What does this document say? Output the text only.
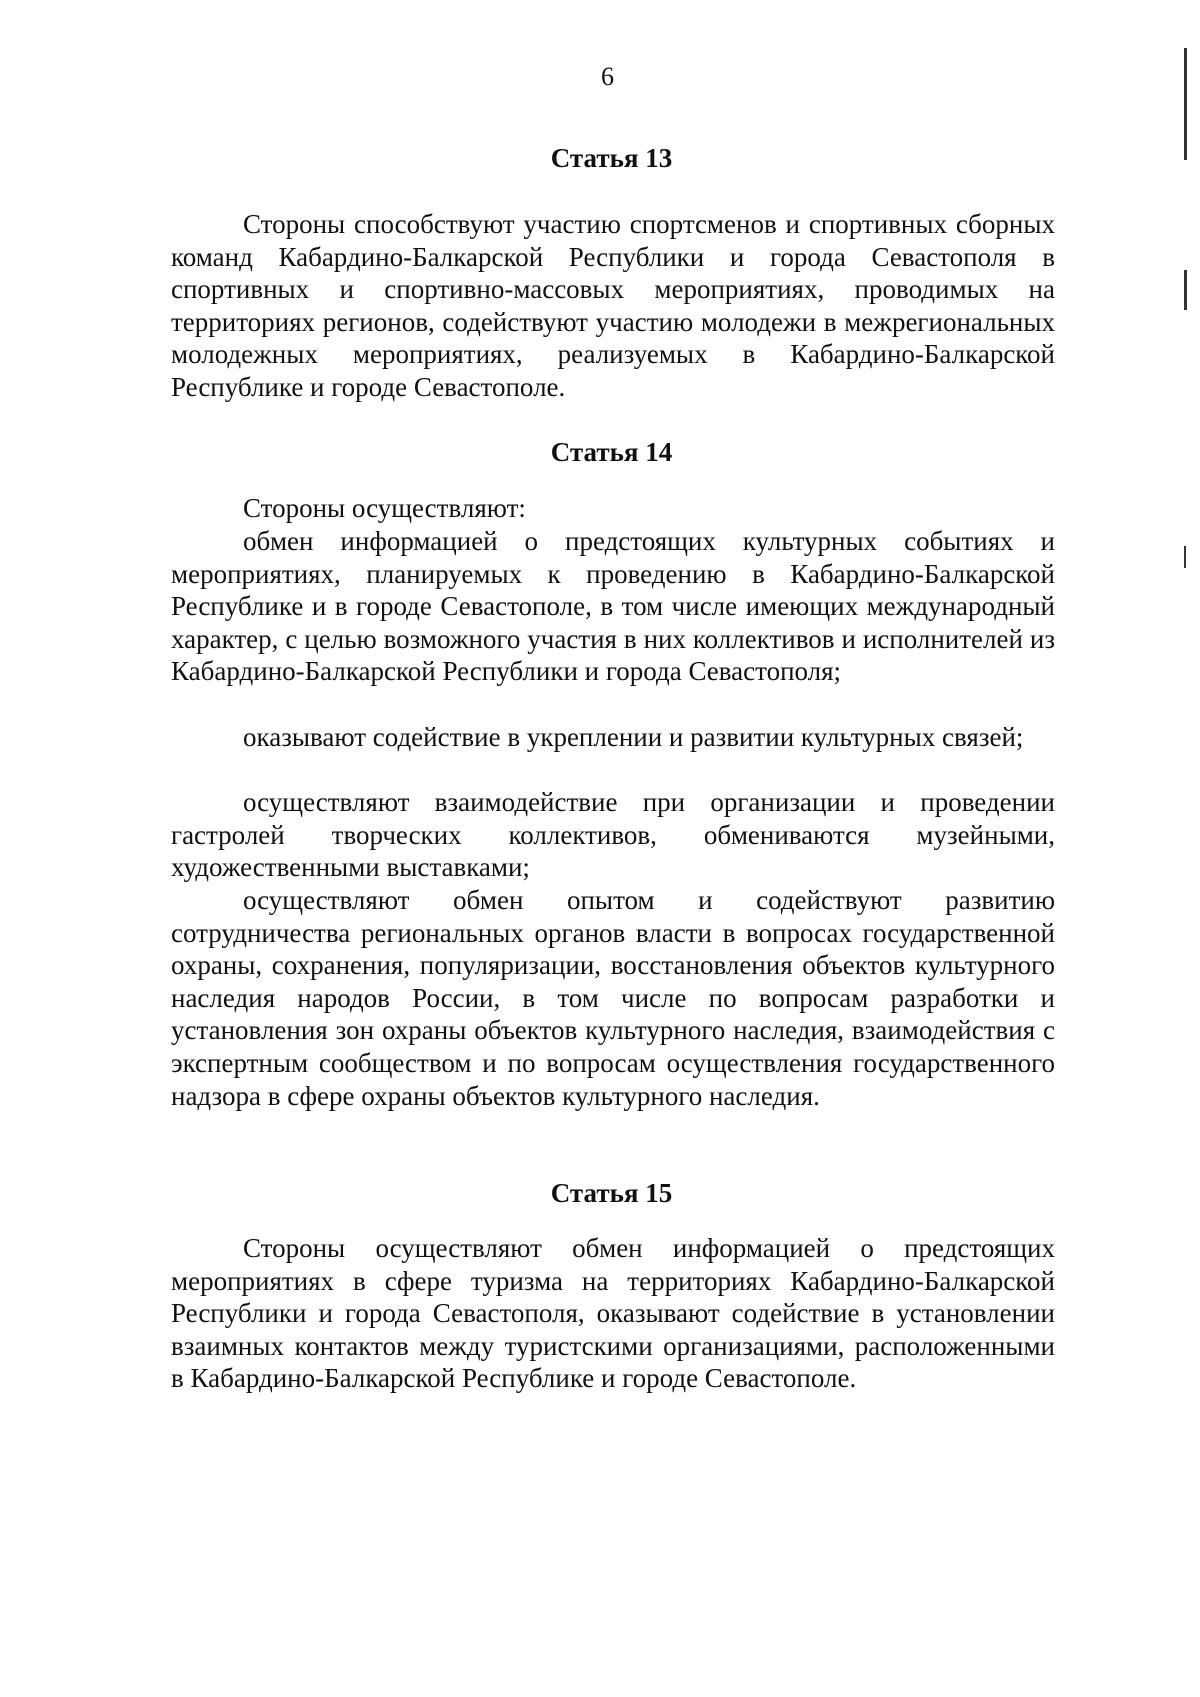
6
Статья 13
Стороны способствуют участию спортсменов и спортивных сборных команд Кабардино-Балкарской Республики и города Севастополя в спортивных и спортивно-массовых мероприятиях, проводимых на территориях регионов, содействуют участию молодежи в межрегиональных молодежных мероприятиях, реализуемых в Кабардино-Балкарской Республике и городе Севастополе.
Статья 14
Стороны осуществляют:
обмен информацией о предстоящих культурных событиях и мероприятиях, планируемых к проведению в Кабардино-Балкарской Республике и в городе Севастополе, в том числе имеющих международный характер, с целью возможного участия в них коллективов и исполнителей из Кабардино-Балкарской Республики и города Севастополя;
оказывают содействие в укреплении и развитии культурных связей;
осуществляют взаимодействие при организации и проведении гастролей творческих коллективов, обмениваются музейными, художественными выставками;
осуществляют обмен опытом и содействуют развитию сотрудничества региональных органов власти в вопросах государственной охраны, сохранения, популяризации, восстановления объектов культурного наследия народов России, в том числе по вопросам разработки и установления зон охраны объектов культурного наследия, взаимодействия с экспертным сообществом и по вопросам осуществления государственного надзора в сфере охраны объектов культурного наследия.
Статья 15
Стороны осуществляют обмен информацией о предстоящих мероприятиях в сфере туризма на территориях Кабардино-Балкарской Республики и города Севастополя, оказывают содействие в установлении взаимных контактов между туристскими организациями, расположенными в Кабардино-Балкарской Республике и городе Севастополе.
